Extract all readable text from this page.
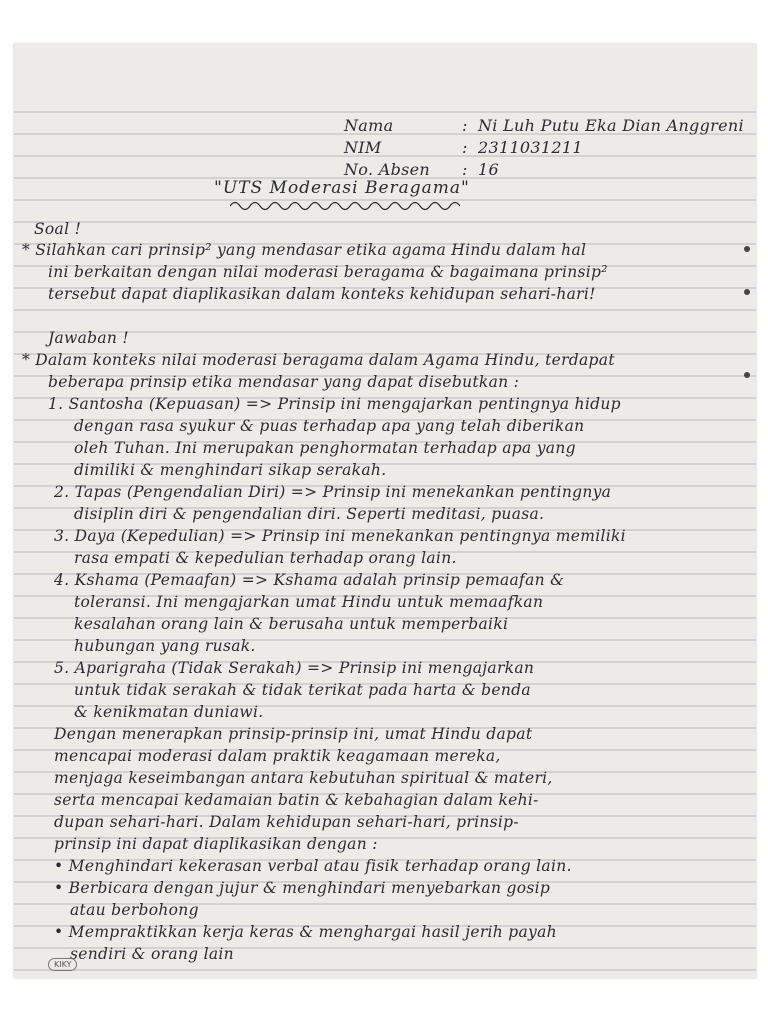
Nama	: Ni Luh Putu Eka Dian Anggreni
NIM	: 2311031211
No. Absen : 16
"UTS Moderasi Beragama"
Soal !
* Silahkan cari prinsip² yang mendasar etika agama Hindu dalam hal
ini berkaitan dengan nilai moderasi beragama & bagaimana prinsip²
tersebut dapat diaplikasikan dalam konteks kehidupan sehari-hari!
Jawaban !
* Dalam konteks nilai moderasi beragama dalam Agama Hindu, terdapat
beberapa prinsip etika mendasar yang dapat disebutkan :
1. Santosha (Kepuasan) => Prinsip ini mengajarkan pentingnya hidup
dengan rasa syukur & puas terhadap apa yang telah diberikan
oleh Tuhan. Ini merupakan penghormatan terhadap apa yang
dimiliki & menghindari sikap serakah.
2. Tapas (Pengendalian Diri) => Prinsip ini menekankan pentingnya
disiplin diri & pengendalian diri. Seperti meditasi, puasa.
3. Daya (Kepedulian) => Prinsip ini menekankan pentingnya memiliki
rasa empati & kepedulian terhadap orang lain.
4. Kshama (Pemaafan) => Kshama adalah prinsip pemaafan &
toleransi. Ini mengajarkan umat Hindu untuk memaafkan
kesalahan orang lain & berusaha untuk memperbaiki
hubungan yang rusak.
5. Aparigraha (Tidak Serakah) => Prinsip ini mengajarkan
untuk tidak serakah & tidak terikat pada harta & benda
& kenikmatan duniawi.
Dengan menerapkan prinsip-prinsip ini, umat Hindu dapat
mencapai moderasi dalam praktik keagamaan mereka,
menjaga keseimbangan antara kebutuhan spiritual & materi,
serta mencapai kedamaian batin & kebahagian dalam kehi-
dupan sehari-hari. Dalam kehidupan sehari-hari, prinsip-
prinsip ini dapat diaplikasikan dengan :
• Menghindari kekerasan verbal atau fisik terhadap orang lain.
• Berbicara dengan jujur & menghindari menyebarkan gosip
atau berbohong
• Mempraktikkan kerja keras & menghargai hasil jerih payah
sendiri & orang lain
KIKY
